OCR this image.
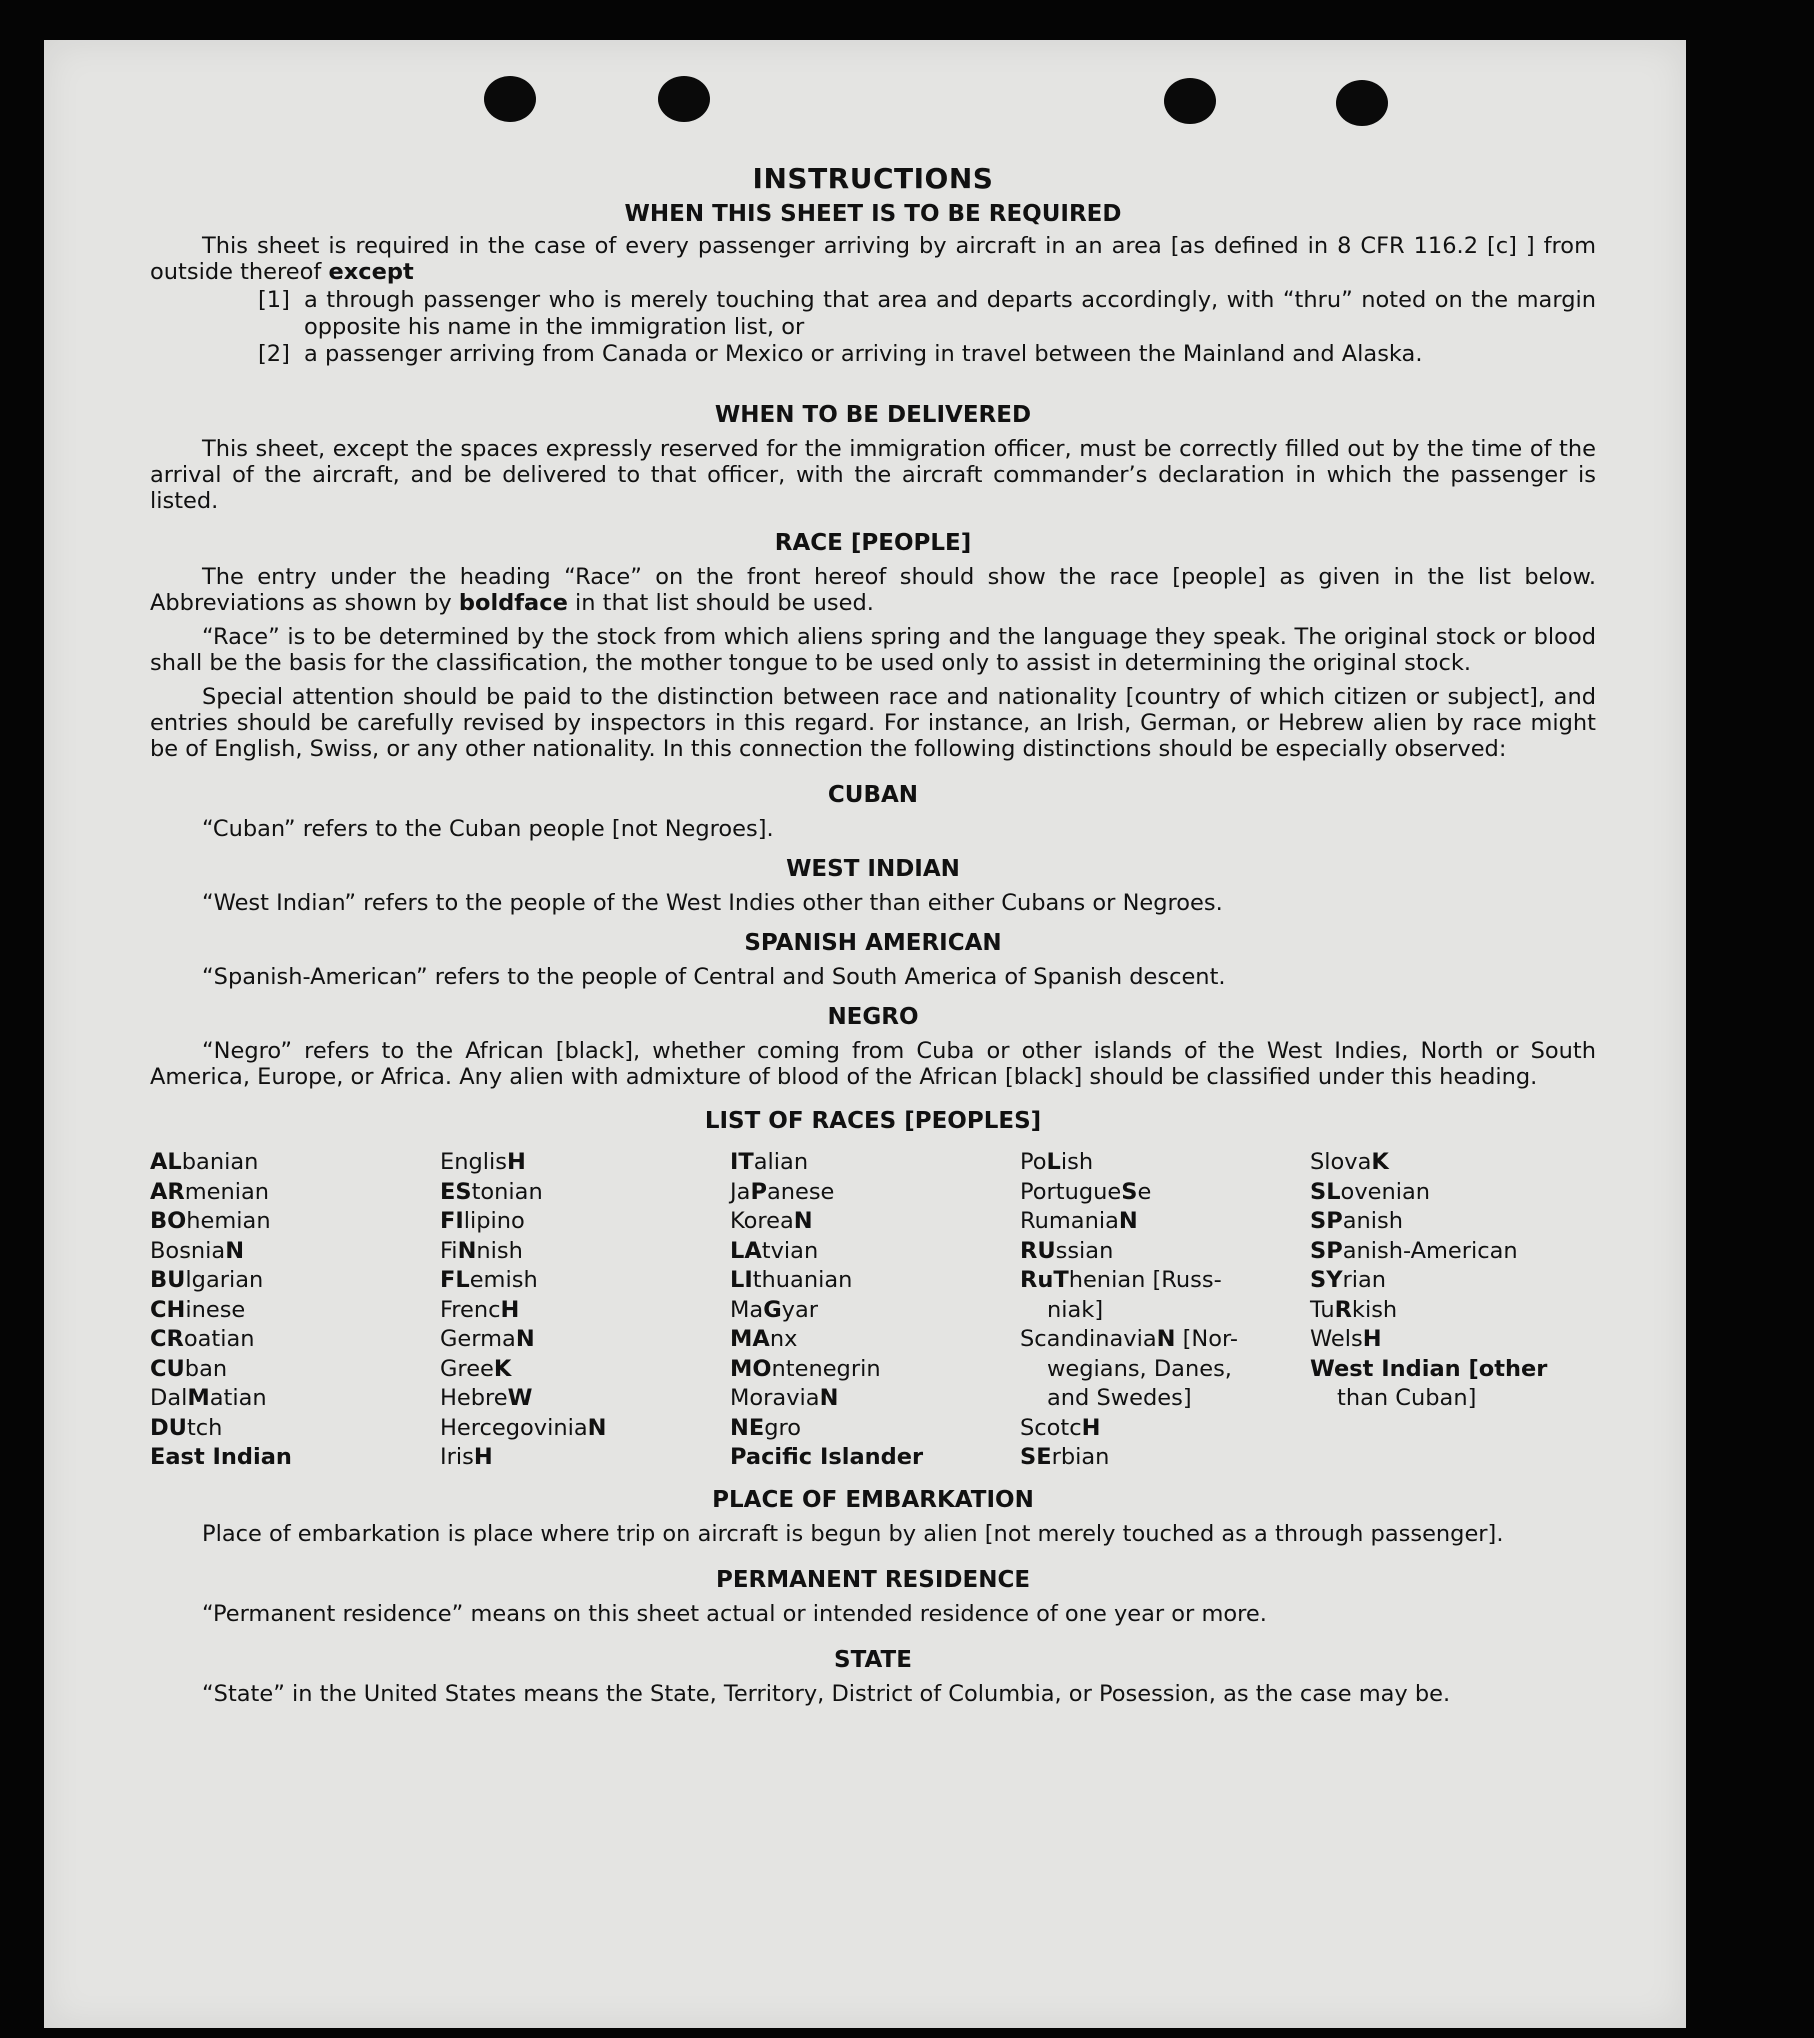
INSTRUCTIONS
WHEN THIS SHEET IS TO BE REQUIRED

This sheet is required in the case of every passenger arriving by aircraft in an area [as defined in 8 CFR 116.2 [c] ] from outside thereof except

[1] a through passenger who is merely touching that area and departs accordingly, with “thru” noted on the margin opposite his name in the immigration list, or
[2] a passenger arriving from Canada or Mexico or arriving in travel between the Mainland and Alaska.
WHEN TO BE DELIVERED

This sheet, except the spaces expressly reserved for the immigration officer, must be correctly filled out by the time of the arrival of the aircraft, and be delivered to that officer, with the aircraft commander’s declaration in which the passenger is listed.

RACE [PEOPLE]

The entry under the heading “Race” on the front hereof should show the race [people] as given in the list below. Abbreviations as shown by boldface in that list should be used.

“Race” is to be determined by the stock from which aliens spring and the language they speak. The original stock or blood shall be the basis for the classification, the mother tongue to be used only to assist in determining the original stock.

Special attention should be paid to the distinction between race and nationality [country of which citizen or subject], and entries should be carefully revised by inspectors in this regard. For instance, an Irish, German, or Hebrew alien by race might be of English, Swiss, or any other nationality. In this connection the following distinctions should be especially observed:

CUBAN

“Cuban” refers to the Cuban people [not Negroes].

WEST INDIAN

“West Indian” refers to the people of the West Indies other than either Cubans or Negroes.

SPANISH AMERICAN

“Spanish-American” refers to the people of Central and South America of Spanish descent.

NEGRO

“Negro” refers to the African [black], whether coming from Cuba or other islands of the West Indies, North or South America, Europe, or Africa. Any alien with admixture of blood of the African [black] should be classified under this heading.

LIST OF RACES [PEOPLES]
ALbanian
ARmenian
BOhemian
BosniaN
BUlgarian
CHinese
CRoatian
CUban
DalMatian
DUtch
East Indian
EnglisH
EStonian
FIlipino
FiNnish
FLemish
FrencH
GermaN
GreeK
HebreW
HercegoviniaN
IrisH
ITalian
JaPanese
KoreaN
LAtvian
LIthuanian
MaGyar
MAnx
MOntenegrin
MoraviaN
NEgro
Pacific Islander
PoLish
PortugueSe
RumaniaN
RUssian
RuThenian [Russ-
niak]
ScandinaviaN [Nor-
wegians, Danes,
and Swedes]
ScotcH
SErbian
SlovaK
SLovenian
SPanish
SPanish-American
SYrian
TuRkish
WelsH
West Indian [other
than Cuban]
PLACE OF EMBARKATION

Place of embarkation is place where trip on aircraft is begun by alien [not merely touched as a through passenger].

PERMANENT RESIDENCE

“Permanent residence” means on this sheet actual or intended residence of one year or more.

STATE

“State” in the United States means the State, Territory, District of Columbia, or Posession, as the case may be.
